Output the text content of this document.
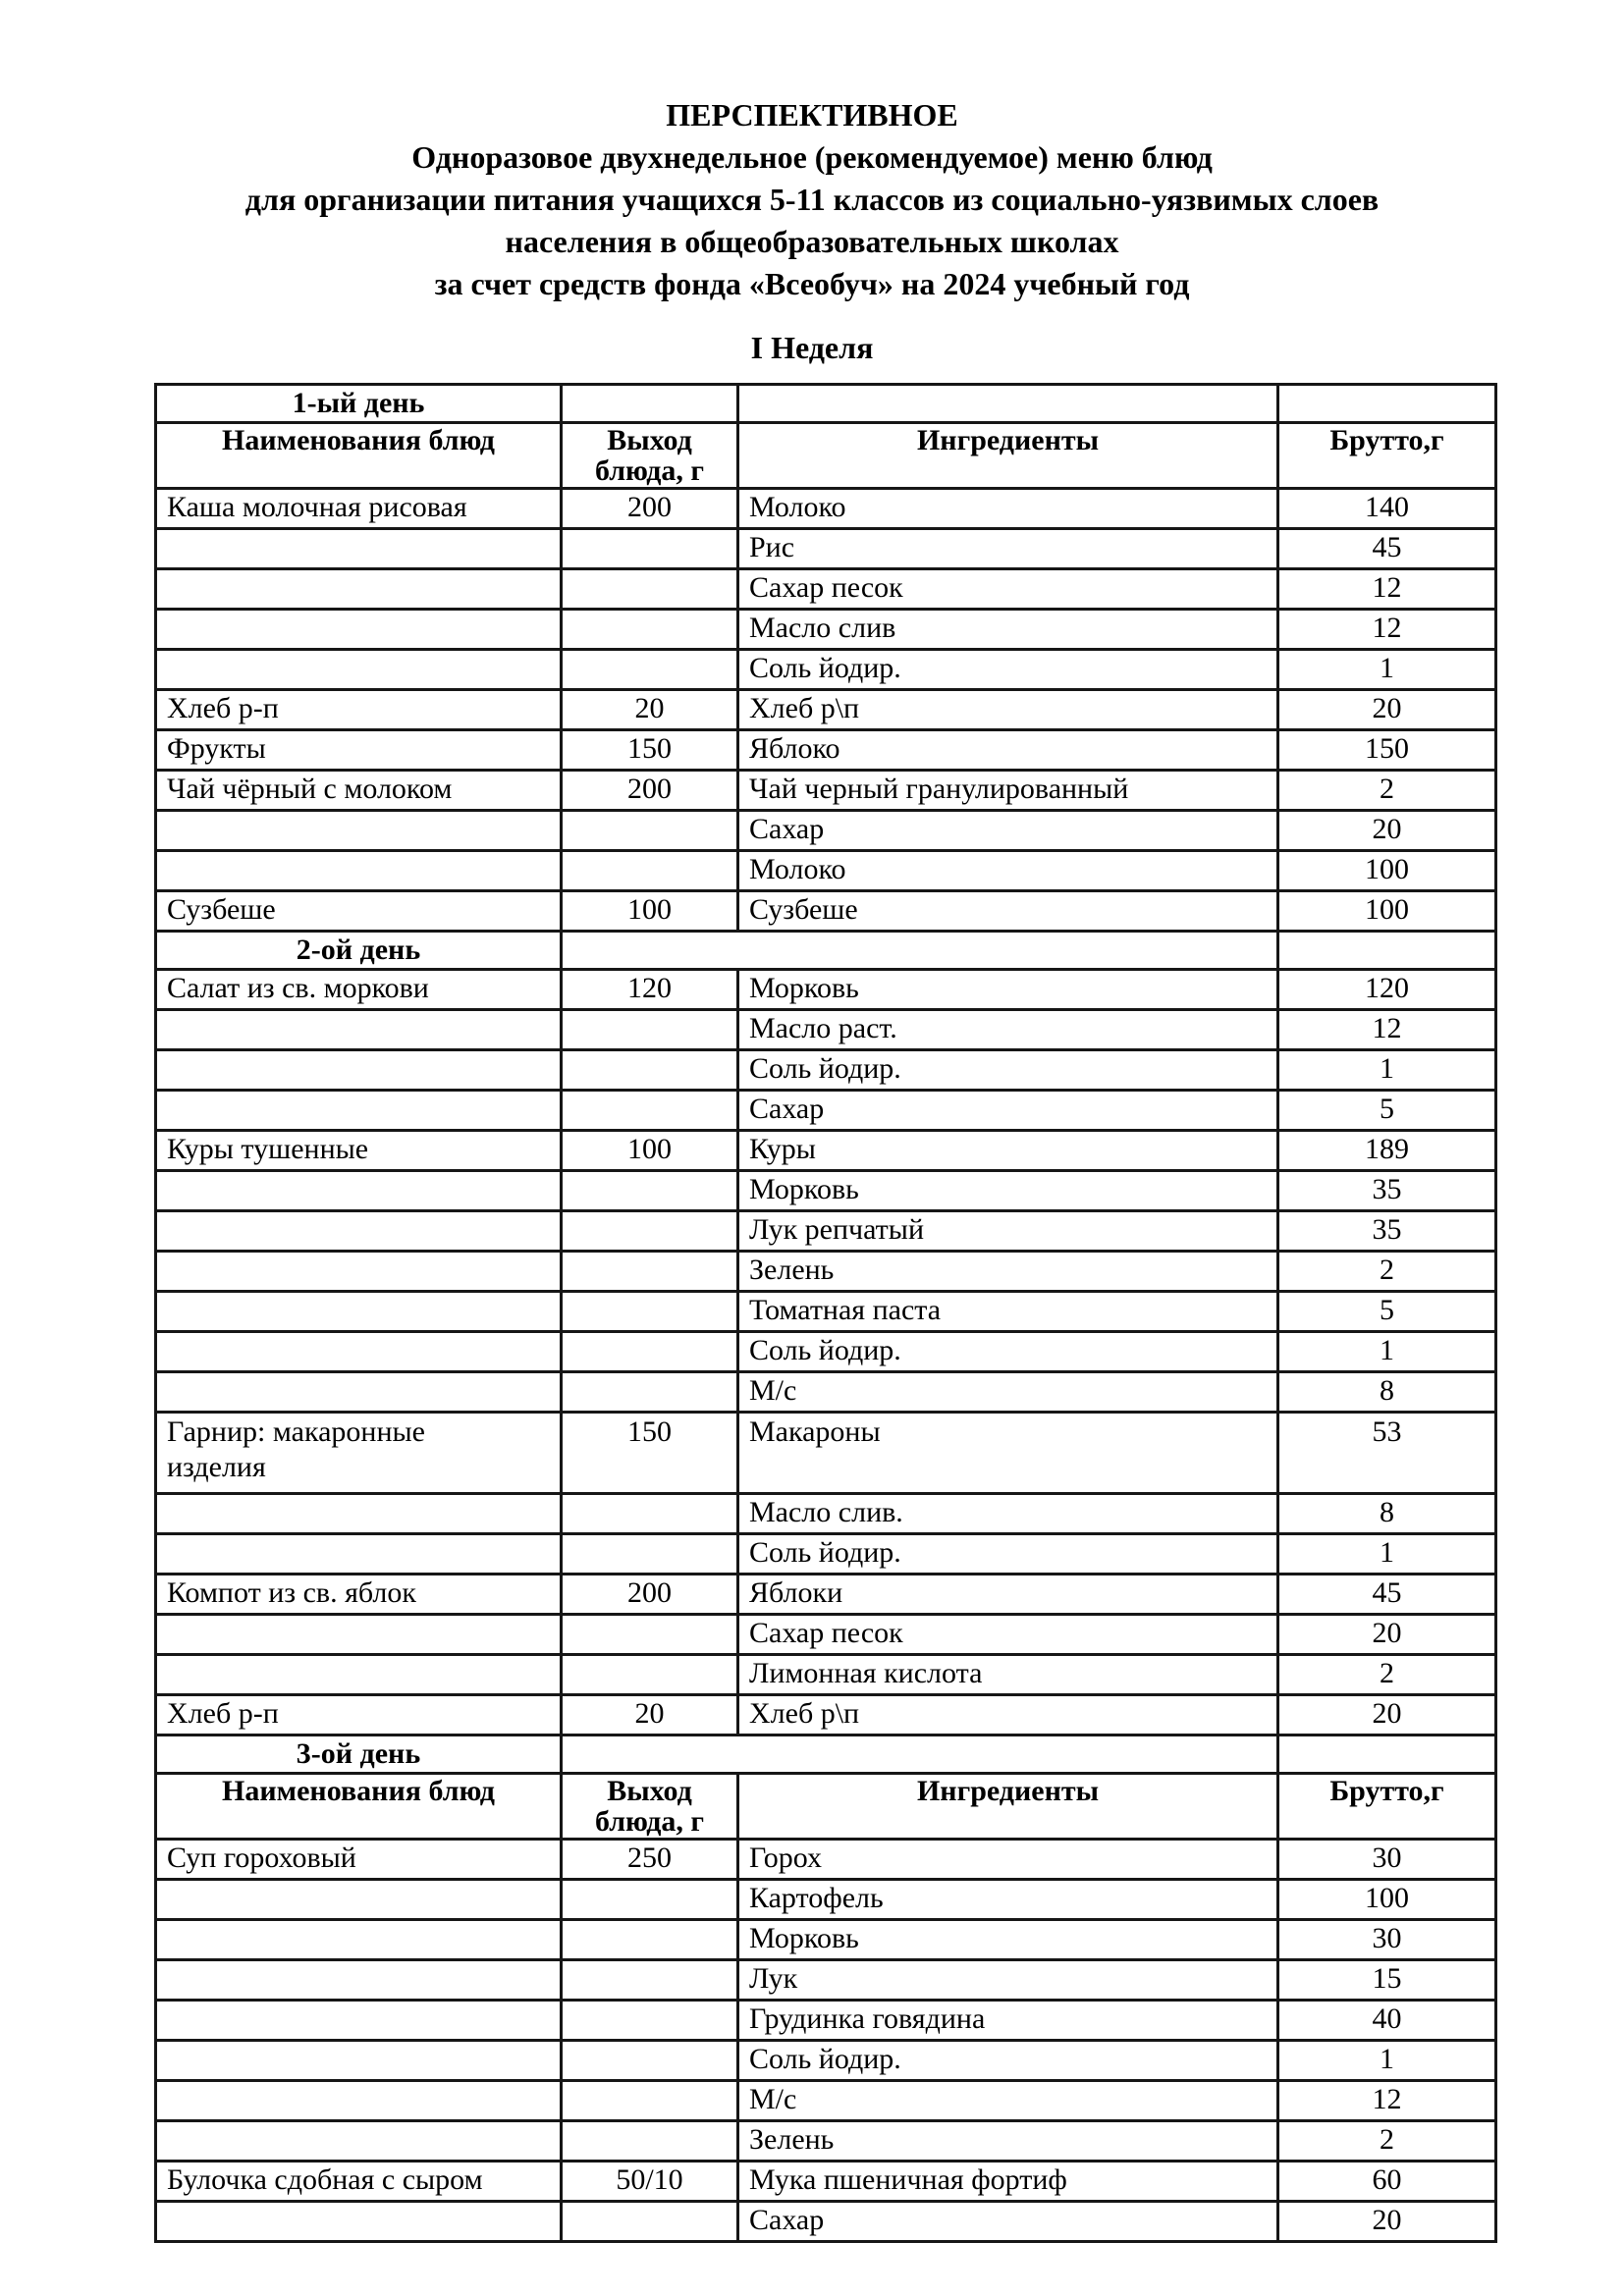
ПЕРСПЕКТИВНОЕ
Одноразовое двухнедельное (рекомендуемое) меню блюд
для организации питания учащихся 5-11 классов из социально-уязвимых слоев
населения в общеобразовательных школах
за счет средств фонда «Всеобуч» на 2024 учебный год
I Неделя
1-ый день			
Наименования блюд	Выход блюда, г	Ингредиенты	Брутто,г
Каша молочная рисовая	200	Молоко	140
		Рис	45
		Сахар песок	12
		Масло слив	12
		Соль йодир.	1
Хлеб р-п	20	Хлеб р\п	20
Фрукты	150	Яблоко	150
Чай чёрный с молоком	200	Чай черный гранулированный	2
		Сахар	20
		Молоко	100
Сузбеше	100	Сузбеше	100
2-ой день			
Салат из св. моркови	120	Морковь	120
		Масло раст.	12
		Соль йодир.	1
		Сахар	5
Куры тушенные	100	Куры	189
		Морковь	35
		Лук репчатый	35
		Зелень	2
		Томатная паста	5
		Соль йодир.	1
		М/с	8
Гарнир: макаронные изделия	150	Макароны	53
		Масло слив.	8
		Соль йодир.	1
Компот из св. яблок	200	Яблоки	45
		Сахар песок	20
		Лимонная кислота	2
Хлеб р-п	20	Хлеб р\п	20
3-ой день			
Наименования блюд	Выход блюда, г	Ингредиенты	Брутто,г
Суп гороховый	250	Горох	30
		Картофель	100
		Морковь	30
		Лук	15
		Грудинка говядина	40
		Соль йодир.	1
		М/с	12
		Зелень	2
Булочка сдобная с сыром	50/10	Мука пшеничная фортиф	60
		Сахар	20
